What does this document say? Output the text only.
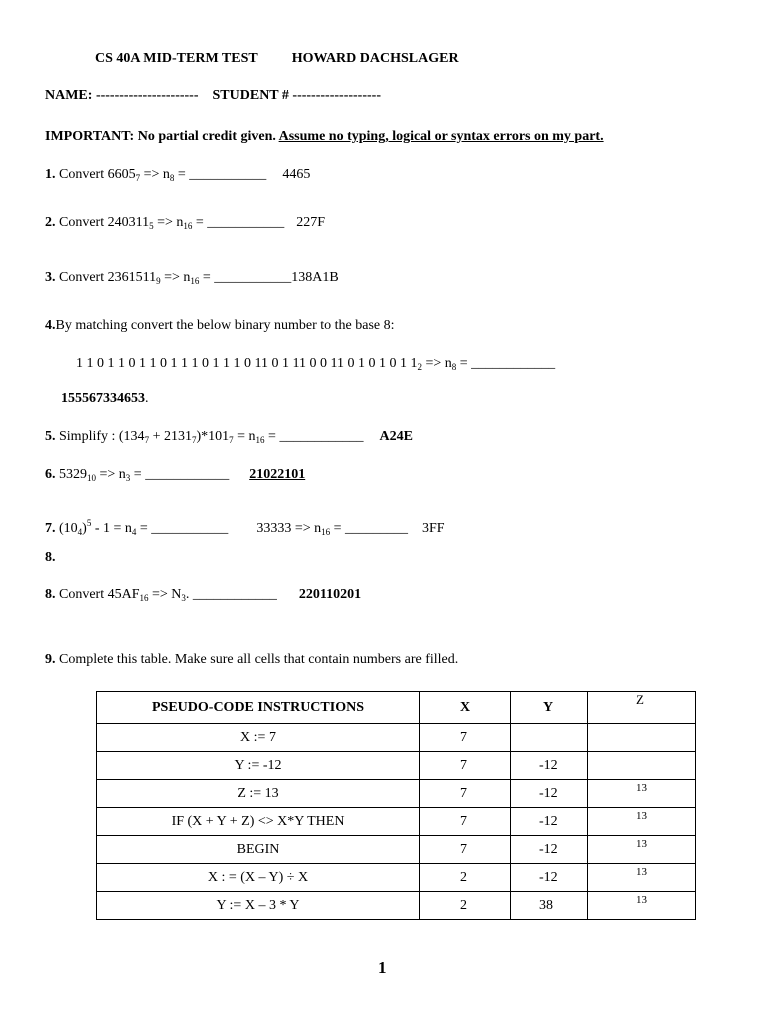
CS 40A MID-TERM TEST HOWARD DACHSLAGER
NAME: ---------------------- STUDENT # -------------------
IMPORTANT: No partial credit given. Assume no typing, logical or syntax errors on my part.
1. Convert $6605_7 => n_8$ = ___________ 4465
2. Convert $240311_5 => n_{16}$ = ___________ 227F
3. Convert $2361511_9 => n_{16}$ = ___________138A1B
4.By matching convert the below binary number to the base 8:
1 1 0 1 1 0 1 1 0 1 1 1 0 1 1 1 0 11 0 1 11 0 0 11 0 1 0 1 0 1 $1_2 => n_8$ = ____________
155567334653.
5. Simplify : $(134_7 + 2131_7)*101_7 = n_{16}$ = ____________ A24E
6. $5329_{10} => n_3$ = ____________ 21022101
7. $(10_4)^5 - 1 = n_4$ = ___________ $33333 => n_{16}$ = _________ 3FF
8.
8. Convert $45AF_{16} => N_3$. ____________ 220110201
9. Complete this table. Make sure all cells that contain numbers are filled.
PSEUDO-CODE INSTRUCTIONS	X	Y	Z
X := 7	7		
Y := -12	7	-12	
Z := 13	7	-12	13
IF (X + Y + Z) <> X*Y THEN	7	-12	13
BEGIN	7	-12	13
X : = (X – Y) ÷ X	2	-12	13
Y := X – 3 * Y	2	38	13
1
